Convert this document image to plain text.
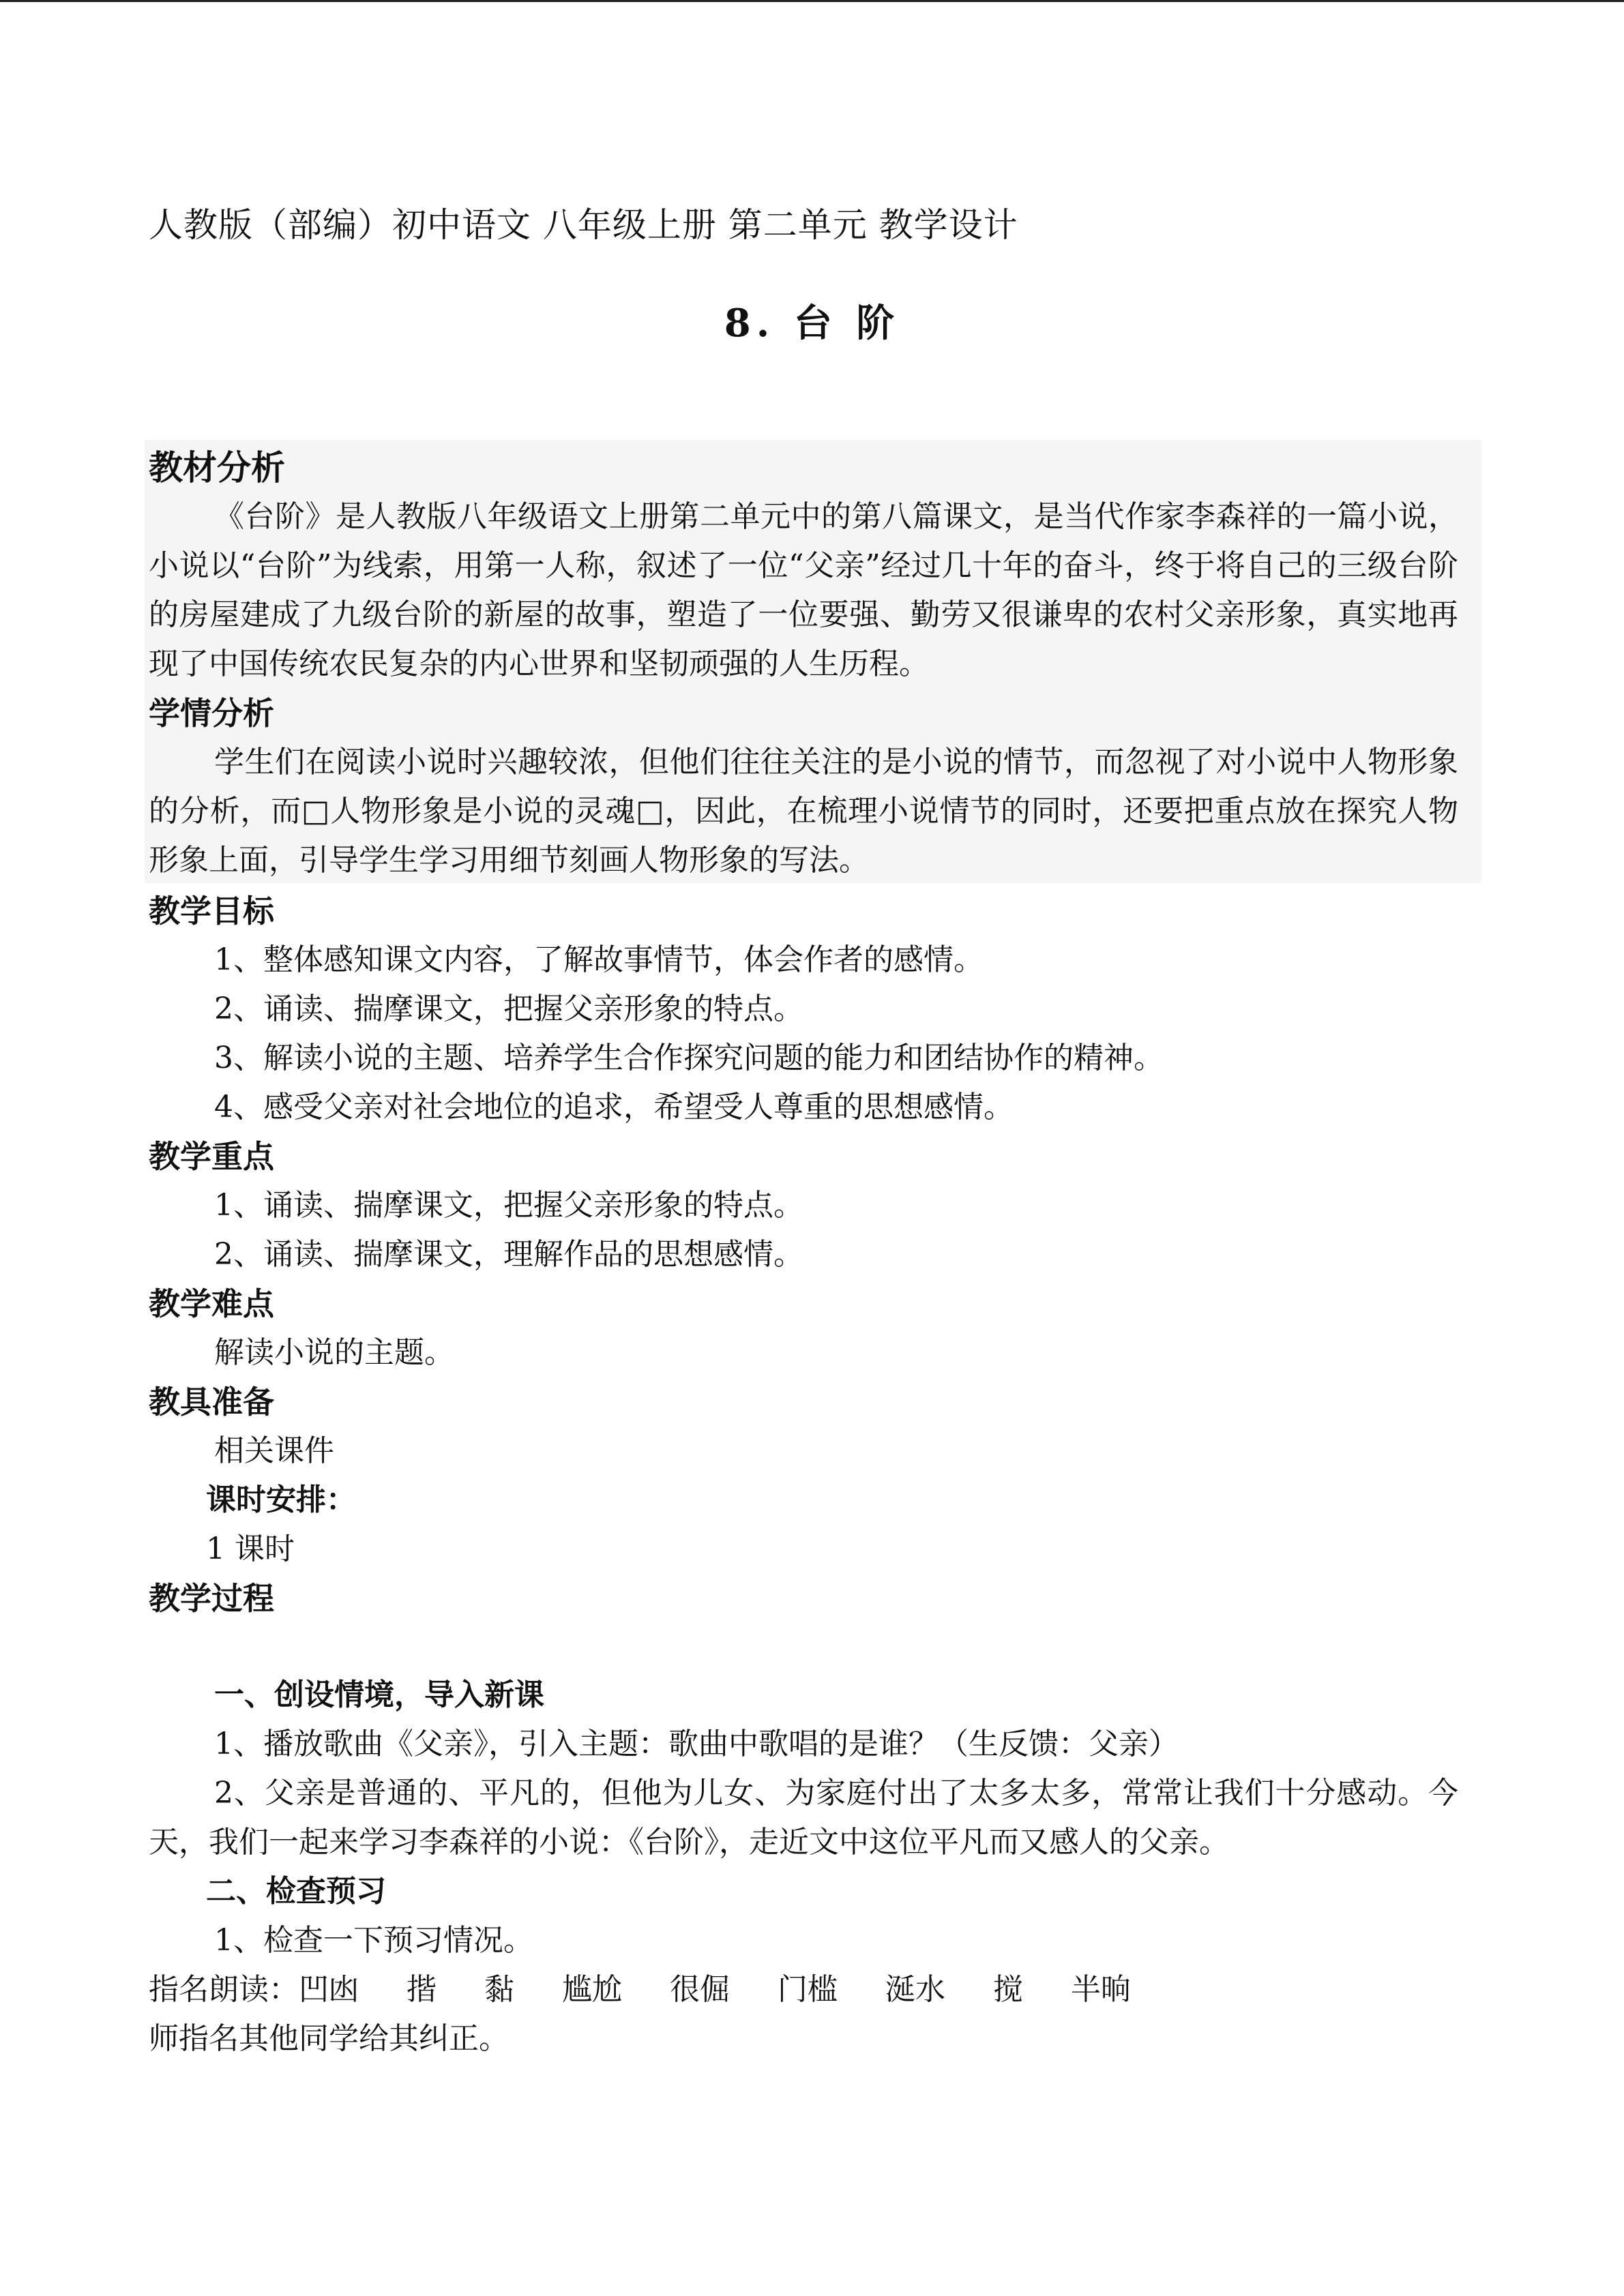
人教版（部编）初中语文 八年级上册 第二单元 教学设计
8. 台 阶

教材分析

《台阶》是人教版八年级语文上册第二单元中的第八篇课文，是当代作家李森祥的一篇小说，小说以“台阶”为线索，用第一人称，叙述了一位“父亲”经过几十年的奋斗，终于将自己的三级台阶的房屋建成了九级台阶的新屋的故事，塑造了一位要强、勤劳又很谦卑的农村父亲形象，真实地再现了中国传统农民复杂的内心世界和坚韧顽强的人生历程。

学情分析

学生们在阅读小说时兴趣较浓，但他们往往关注的是小说的情节，而忽视了对小说中人物形象的分析，而□人物形象是小说的灵魂□，因此，在梳理小说情节的同时，还要把重点放在探究人物形象上面，引导学生学习用细节刻画人物形象的写法。

教学目标

1、整体感知课文内容，了解故事情节，体会作者的感情。

2、诵读、揣摩课文，把握父亲形象的特点。

3、解读小说的主题、培养学生合作探究问题的能力和团结协作的精神。

4、感受父亲对社会地位的追求，希望受人尊重的思想感情。

教学重点

1、诵读、揣摩课文，把握父亲形象的特点。

2、诵读、揣摩课文，理解作品的思想感情。

教学难点

解读小说的主题。

教具准备

相关课件

课时安排：

1 课时

教学过程

一、创设情境，导入新课

1、播放歌曲《父亲》，引入主题：歌曲中歌唱的是谁？（生反馈：父亲）

2、父亲是普通的、平凡的，但他为儿女、为家庭付出了太多太多，常常让我们十分感动。今天，我们一起来学习李森祥的小说：《台阶》，走近文中这位平凡而又感人的父亲。

二、检查预习

1、检查一下预习情况。

指名朗读：凹凼 揩 黏 尴尬 很倔 门槛 涎水 搅 半晌

师指名其他同学给其纠正。
